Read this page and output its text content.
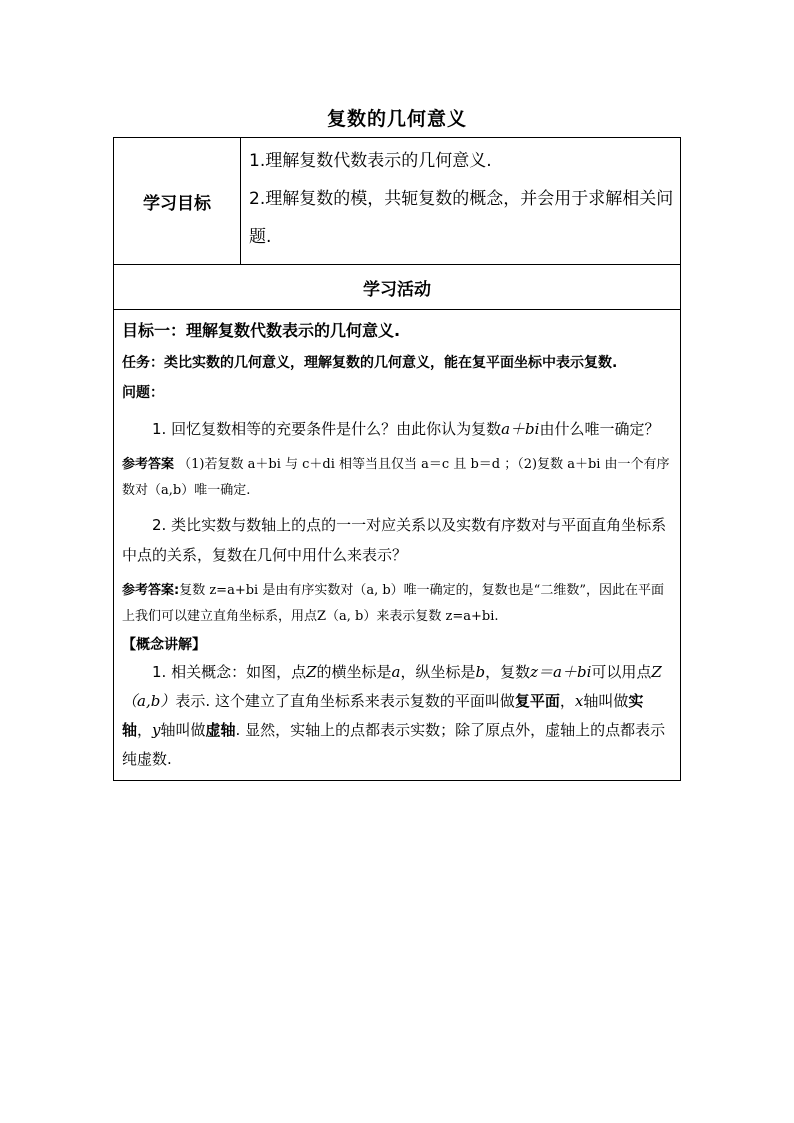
复数的几何意义
学习目标	

1.理解复数代数表示的几何意义.

2.理解复数的模，共轭复数的概念，并会用于求解相关问题.

学习活动

目标一：理解复数代数表示的几何意义.

任务：类比实数的几何意义，理解复数的几何意义，能在复平面坐标中表示复数.

问题：

1. 回忆复数相等的充要条件是什么？由此你认为复数a＋bi由什么唯一确定？

参考答案 （1)若复数 a＋bi 与 c＋di 相等当且仅当 a＝c 且 b＝d ；（2)复数 a＋bi 由一个有序数对（a,b）唯一确定.

2. 类比实数与数轴上的点的一一对应关系以及实数有序数对与平面直角坐标系中点的关系，复数在几何中用什么来表示？

参考答案:复数 z=a+bi 是由有序实数对（a, b）唯一确定的，复数也是“二维数”，因此在平面上我们可以建立直角坐标系，用点Z（a, b）来表示复数 z=a+bi.

【概念讲解】

1. 相关概念：如图，点Z的横坐标是a，纵坐标是b，复数z＝a＋bi可以用点Z（a,b）表示. 这个建立了直角坐标系来表示复数的平面叫做复平面，x轴叫做实轴，y轴叫做虚轴. 显然，实轴上的点都表示实数；除了原点外，虚轴上的点都表示纯虚数.
